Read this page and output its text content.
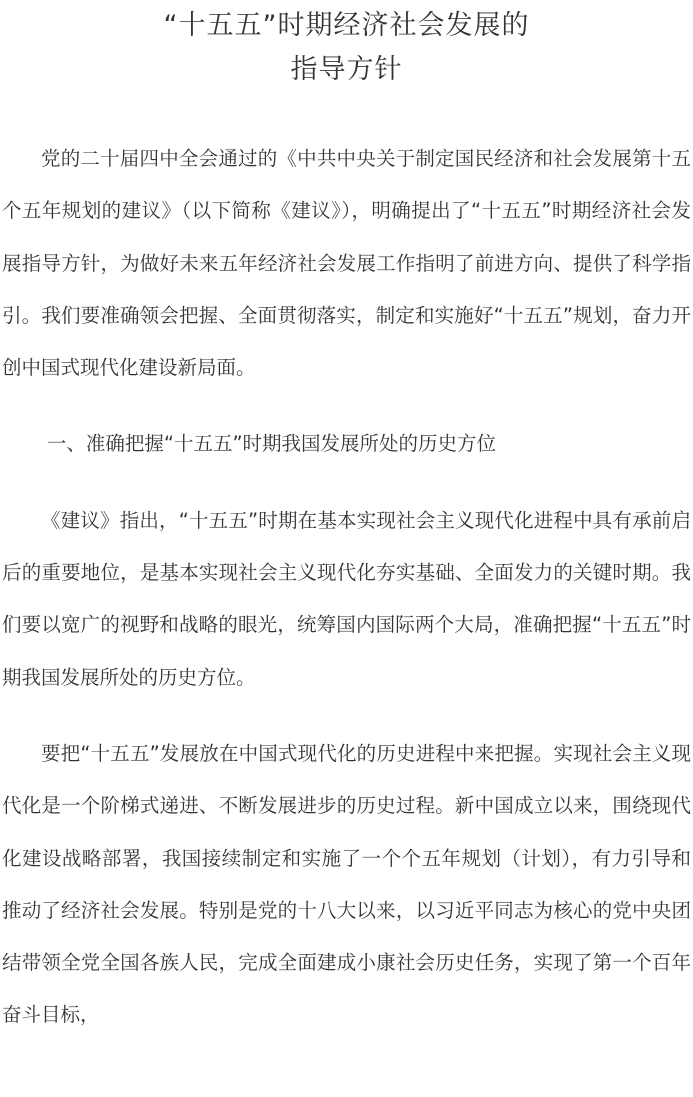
“十五五”时期经济社会发展的
指导方针

党的二十届四中全会通过的《中共中央关于制定国民经济和社会发展第十五个五年规划的建议》（以下简称《建议》），明确提出了“十五五”时期经济社会发展指导方针，为做好未来五年经济社会发展工作指明了前进方向、提供了科学指引。我们要准确领会把握、全面贯彻落实，制定和实施好“十五五”规划，奋力开创中国式现代化建设新局面。

一、准确把握“十五五”时期我国发展所处的历史方位

《建议》指出，“十五五”时期在基本实现社会主义现代化进程中具有承前启后的重要地位，是基本实现社会主义现代化夯实基础、全面发力的关键时期。我们要以宽广的视野和战略的眼光，统筹国内国际两个大局，准确把握“十五五”时期我国发展所处的历史方位。

要把“十五五”发展放在中国式现代化的历史进程中来把握。实现社会主义现代化是一个阶梯式递进、不断发展进步的历史过程。新中国成立以来，围绕现代化建设战略部署，我国接续制定和实施了一个个五年规划（计划），有力引导和推动了经济社会发展。特别是党的十八大以来，以习近平同志为核心的党中央团结带领全党全国各族人民，完成全面建成小康社会历史任务，实现了第一个百年奋斗目标，
